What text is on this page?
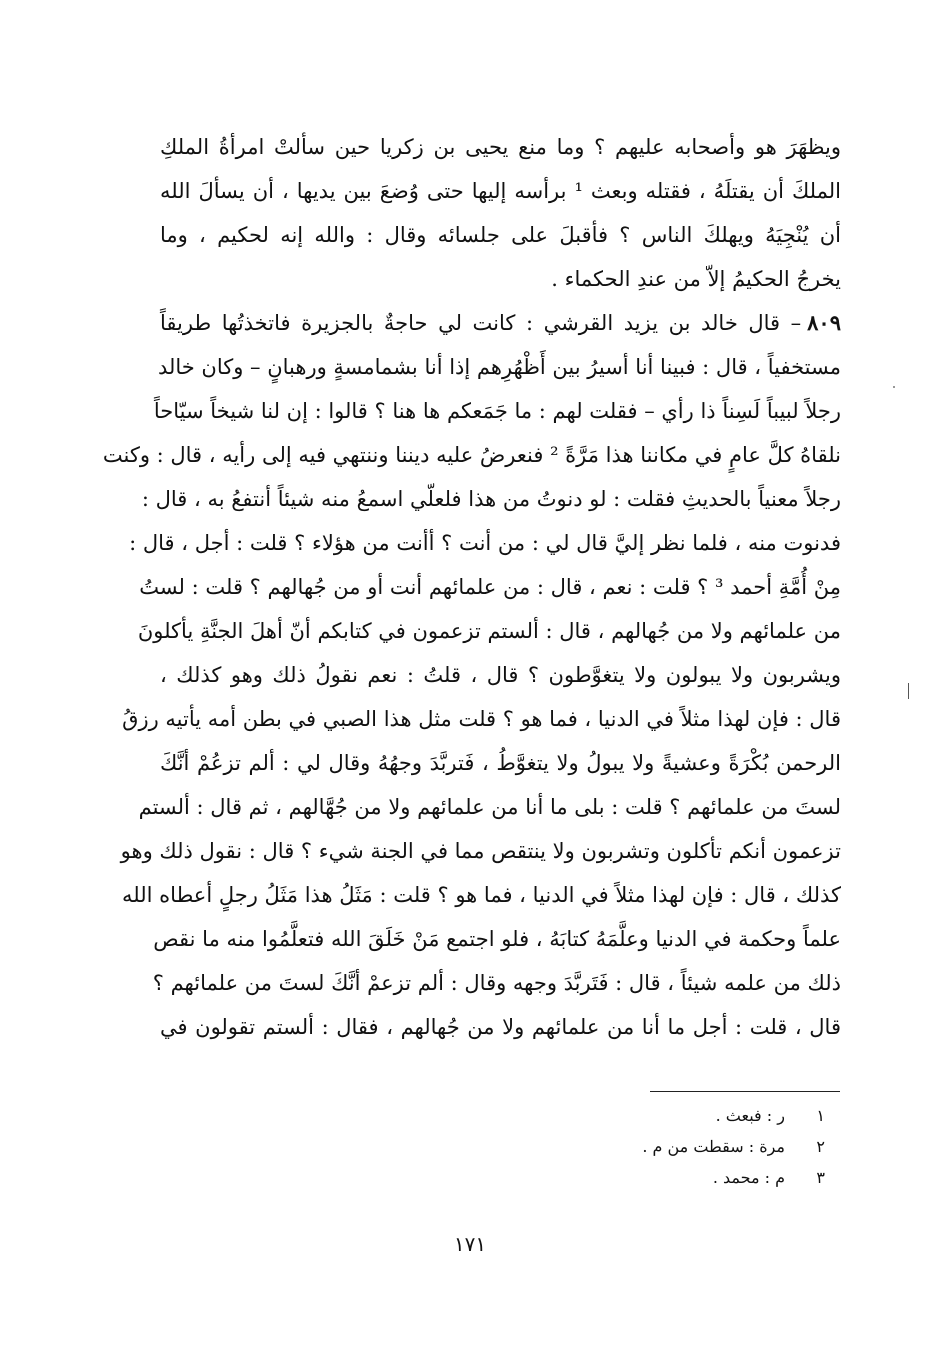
ويظهَرَ هو وأصحابه عليهم ؟ وما منع يحيى بن زكريا حين سألتْ امرأةُ الملكِ
الملكَ أن يقتلَهُ ، فقتله وبعث ¹ برأسه إليها حتى وُضعَ بين يديها ، أن يسألَ الله
أن يُنْجِيَهُ ويهلكَ الناس ؟ فأقبلَ على جلسائه وقال : والله إنه لحكيم ، وما
يخرجُ الحكيمُ إلاّ من عندِ الحكماء .
٨٠٩– قال خالد بن يزيد القرشي : كانت لي حاجةٌ بالجزيرة فاتخذتُها طريقاً
مستخفياً ، قال : فبينا أنا أسيرُ بين أَظْهُرِهم إذا أنا بشمامسةٍ ورهبانٍ – وكان خالد
رجلاً لبيباً لَسِناً ذا رأي – فقلت لهم : ما جَمَعكم ها هنا ؟ قالوا : إن لنا شيخاً سيّاحاً
نلقاهُ كلَّ عامٍ في مكاننا هذا مَرَّةً ² فنعرضُ عليه ديننا وننتهي فيه إلى رأيه ، قال : وكنت
رجلاً معنياً بالحديثِ فقلت : لو دنوتُ من هذا فلعلّي اسمعُ منه شيئاً أنتفعُ به ، قال :
فدنوت منه ، فلما نظر إليَّ قال لي : من أنت ؟ أأنت من هؤلاء ؟ قلت : أجل ، قال :
مِنْ أُمَّةِ أحمد ³ ؟ قلت : نعم ، قال : من علمائهم أنت أو من جُهالهم ؟ قلت : لستُ
من علمائهم ولا من جُهالهم ، قال : ألستم تزعمون في كتابكم أنّ أهلَ الجنَّةِ يأكلونَ
ويشربون ولا يبولون ولا يتغوَّطون ؟ قال ، قلتُ : نعم نقولُ ذلك وهو كذلك ،
قال : فإن لهذا مثلاً في الدنيا ، فما هو ؟ قلت مثل هذا الصبي في بطن أمه يأتيه رزقُ
الرحمن بُكْرَةً وعشيةً ولا يبولُ ولا يتغوَّطُ ، فَتربَّدَ وجهُهُ وقال لي : ألم تزعُمْ أنَّكَ
لستَ من علمائهم ؟ قلت : بلى ما أنا من علمائهم ولا من جُهَّالهم ، ثم قال : ألستم
تزعمون أنكم تأكلون وتشربون ولا ينتقص مما في الجنة شيء ؟ قال : نقول ذلك وهو
كذلك ، قال : فإن لهذا مثلاً في الدنيا ، فما هو ؟ قلت : مَثَلُ هذا مَثَلُ رجلٍ أعطاه الله
علماً وحكمة في الدنيا وعلَّمَهُ كتابَهُ ، فلو اجتمع مَنْ خَلَقَ الله فتعلَّمُوا منه ما نقص
ذلك من علمه شيئاً ، قال : فَتَربَّدَ وجهه وقال : ألم تزعمْ أنَّكَ لستَ من علمائهم ؟
قال ، قلت : أجل ما أنا من علمائهم ولا من جُهالهم ، فقال : ألستم تقولون في
١ر : فبعث .
٢مرة : سقطت من م .
٣م : محمد .
١٧١
